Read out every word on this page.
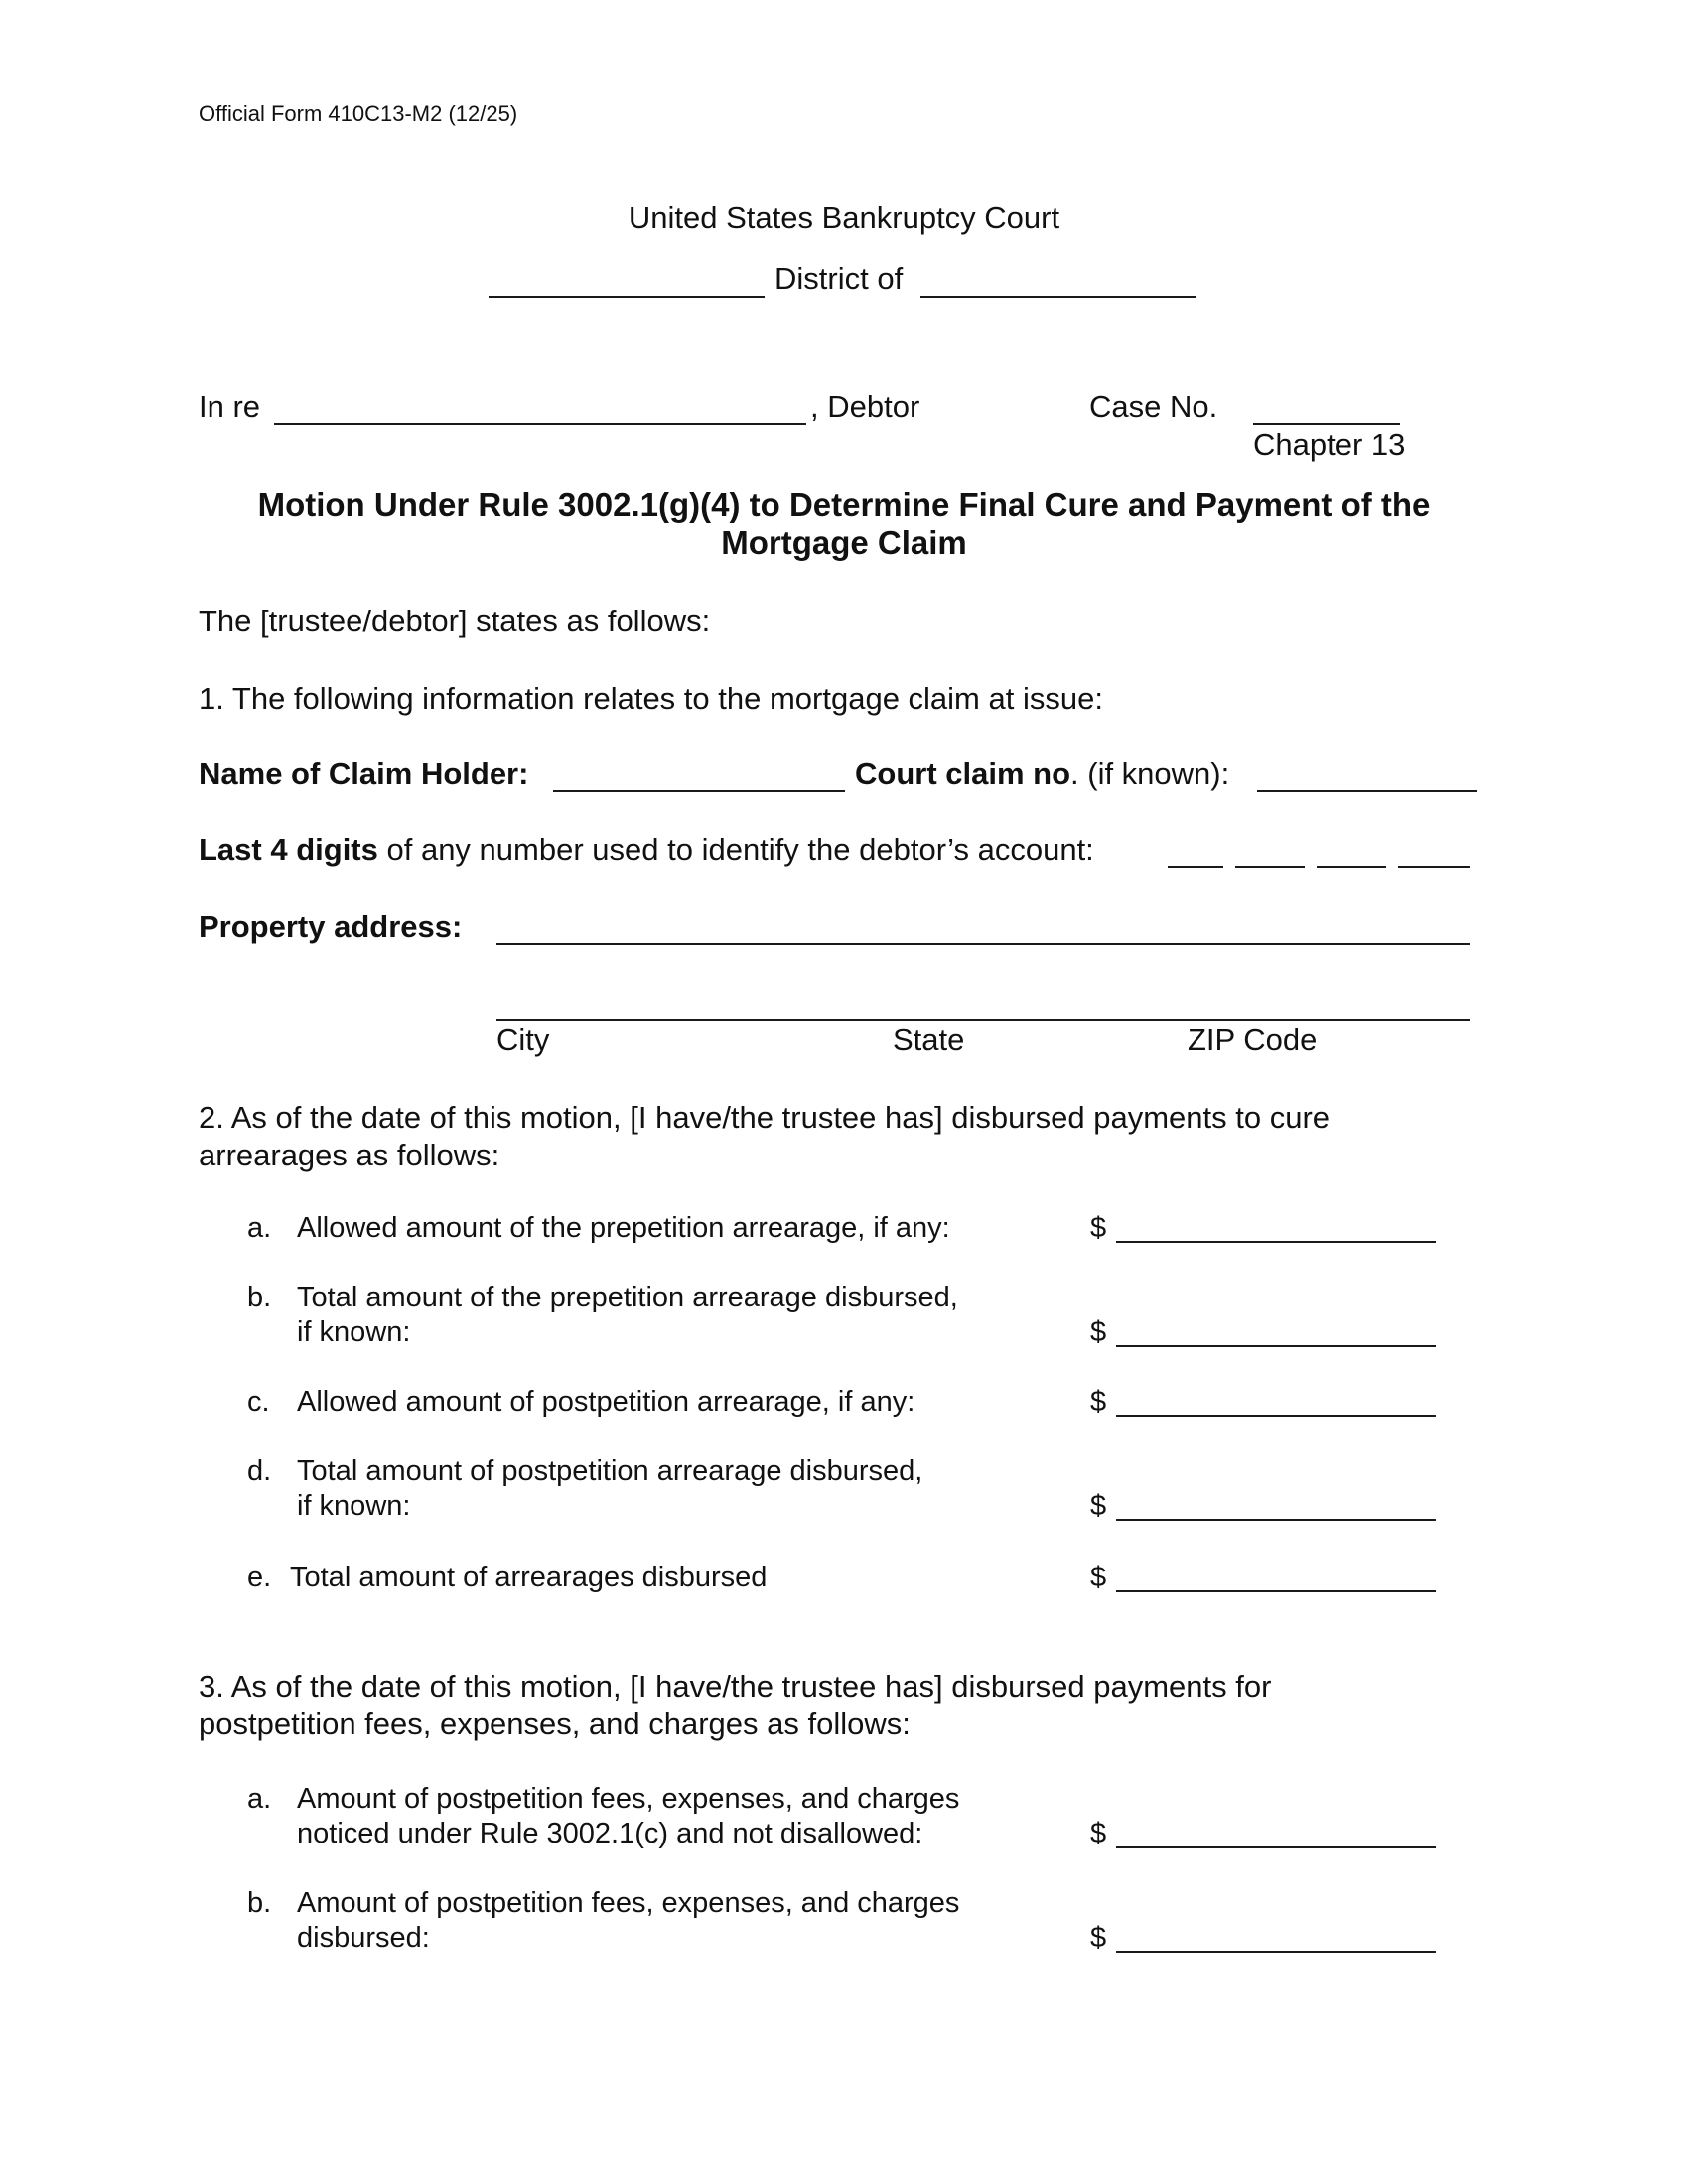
Official Form 410C13-M2 (12/25)
United States Bankruptcy Court
District of
In re	, Debtor	Case No.
Chapter 13
Motion Under Rule 3002.1(g)(4) to Determine Final Cure and Payment of the
Mortgage Claim
The [trustee/debtor] states as follows:
1. The following information relates to the mortgage claim at issue:
Name of Claim Holder:	Court claim no. (if known):
Last 4 digits of any number used to identify the debtor’s account:
Property address:
City	State	ZIP Code
2. As of the date of this motion, [I have/the trustee has] disbursed payments to cure
arrearages as follows:
a. Allowed amount of the prepetition arrearage, if any:	$
b. Total amount of the prepetition arrearage disbursed,
if known:	$
c. Allowed amount of postpetition arrearage, if any:	$
d. Total amount of postpetition arrearage disbursed,
if known:	$
e. Total amount of arrearages disbursed	$
3. As of the date of this motion, [I have/the trustee has] disbursed payments for
postpetition fees, expenses, and charges as follows:
a. Amount of postpetition fees, expenses, and charges
noticed under Rule 3002.1(c) and not disallowed:	$
b. Amount of postpetition fees, expenses, and charges
disbursed:	$
